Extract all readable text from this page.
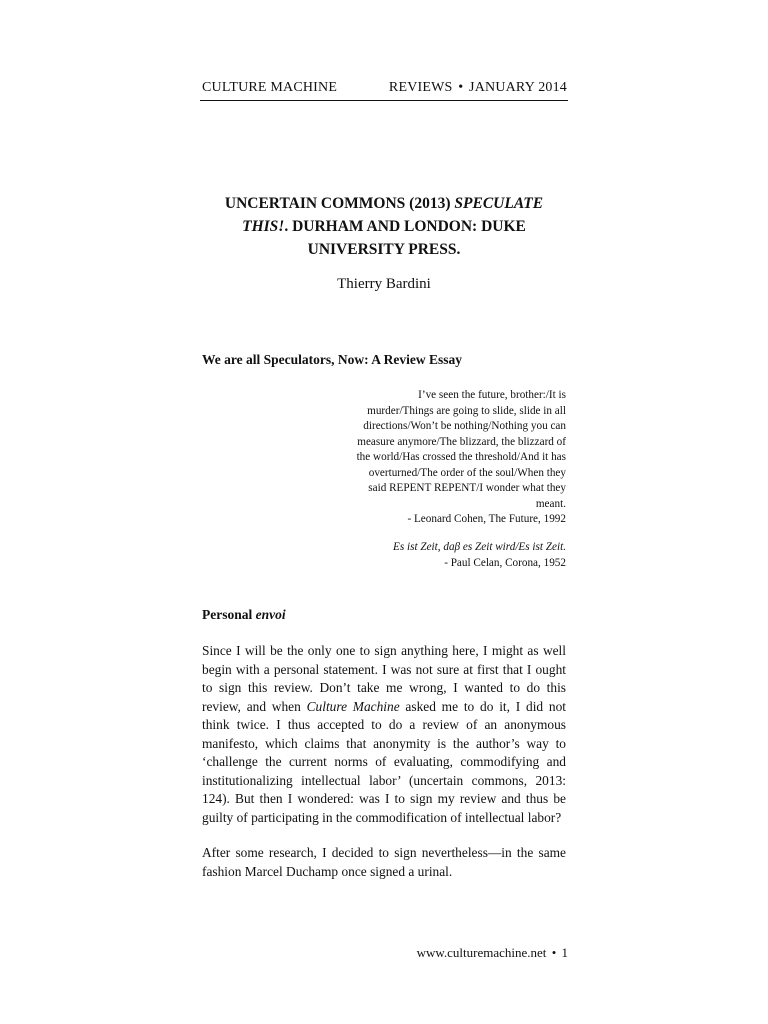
CULTURE MACHINE	REVIEWS • JANUARY 2014
UNCERTAIN COMMONS (2013) SPECULATE THIS!. DURHAM AND LONDON: DUKE UNIVERSITY PRESS.
Thierry Bardini
We are all Speculators, Now: A Review Essay
I’ve seen the future, brother:/It is murder/Things are going to slide, slide in all directions/Won’t be nothing/Nothing you can measure anymore/The blizzard, the blizzard of the world/Has crossed the threshold/And it has overturned/The order of the soul/When they said REPENT REPENT/I wonder what they meant.
- Leonard Cohen, The Future, 1992
Es ist Zeit, daβ es Zeit wird/Es ist Zeit.
- Paul Celan, Corona, 1952
Personal envoi
Since I will be the only one to sign anything here, I might as well begin with a personal statement. I was not sure at first that I ought to sign this review. Don’t take me wrong, I wanted to do this review, and when Culture Machine asked me to do it, I did not think twice. I thus accepted to do a review of an anonymous manifesto, which claims that anonymity is the author’s way to ‘challenge the current norms of evaluating, commodifying and institutionalizing intellectual labor’ (uncertain commons, 2013: 124). But then I wondered: was I to sign my review and thus be guilty of participating in the commodification of intellectual labor?
After some research, I decided to sign nevertheless—in the same fashion Marcel Duchamp once signed a urinal.
www.culturemachine.net • 1
